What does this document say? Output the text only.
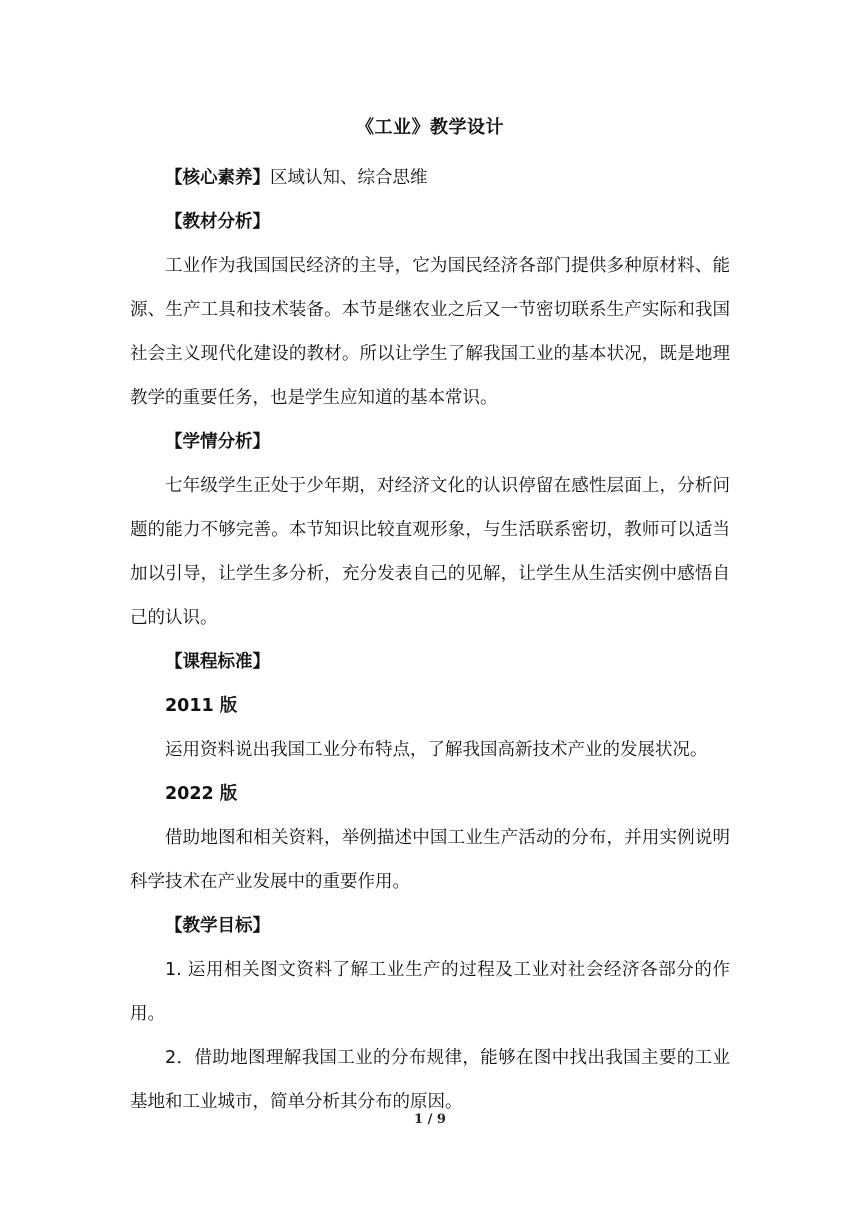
《工业》教学设计

【核心素养】区域认知、综合思维

【教材分析】

工业作为我国国民经济的主导，它为国民经济各部门提供多种原材料、能源、生产工具和技术装备。本节是继农业之后又一节密切联系生产实际和我国社会主义现代化建设的教材。所以让学生了解我国工业的基本状况，既是地理教学的重要任务，也是学生应知道的基本常识。

【学情分析】

七年级学生正处于少年期，对经济文化的认识停留在感性层面上，分析问题的能力不够完善。本节知识比较直观形象，与生活联系密切，教师可以适当加以引导，让学生多分析，充分发表自己的见解，让学生从生活实例中感悟自己的认识。

【课程标准】

2011 版

运用资料说出我国工业分布特点，了解我国高新技术产业的发展状况。

2022 版

借助地图和相关资料，举例描述中国工业生产活动的分布，并用实例说明科学技术在产业发展中的重要作用。

【教学目标】

1. 运用相关图文资料了解工业生产的过程及工业对社会经济各部分的作用。

2．借助地图理解我国工业的分布规律，能够在图中找出我国主要的工业基地和工业城市，简单分析其分布的原因。

1 / 9
